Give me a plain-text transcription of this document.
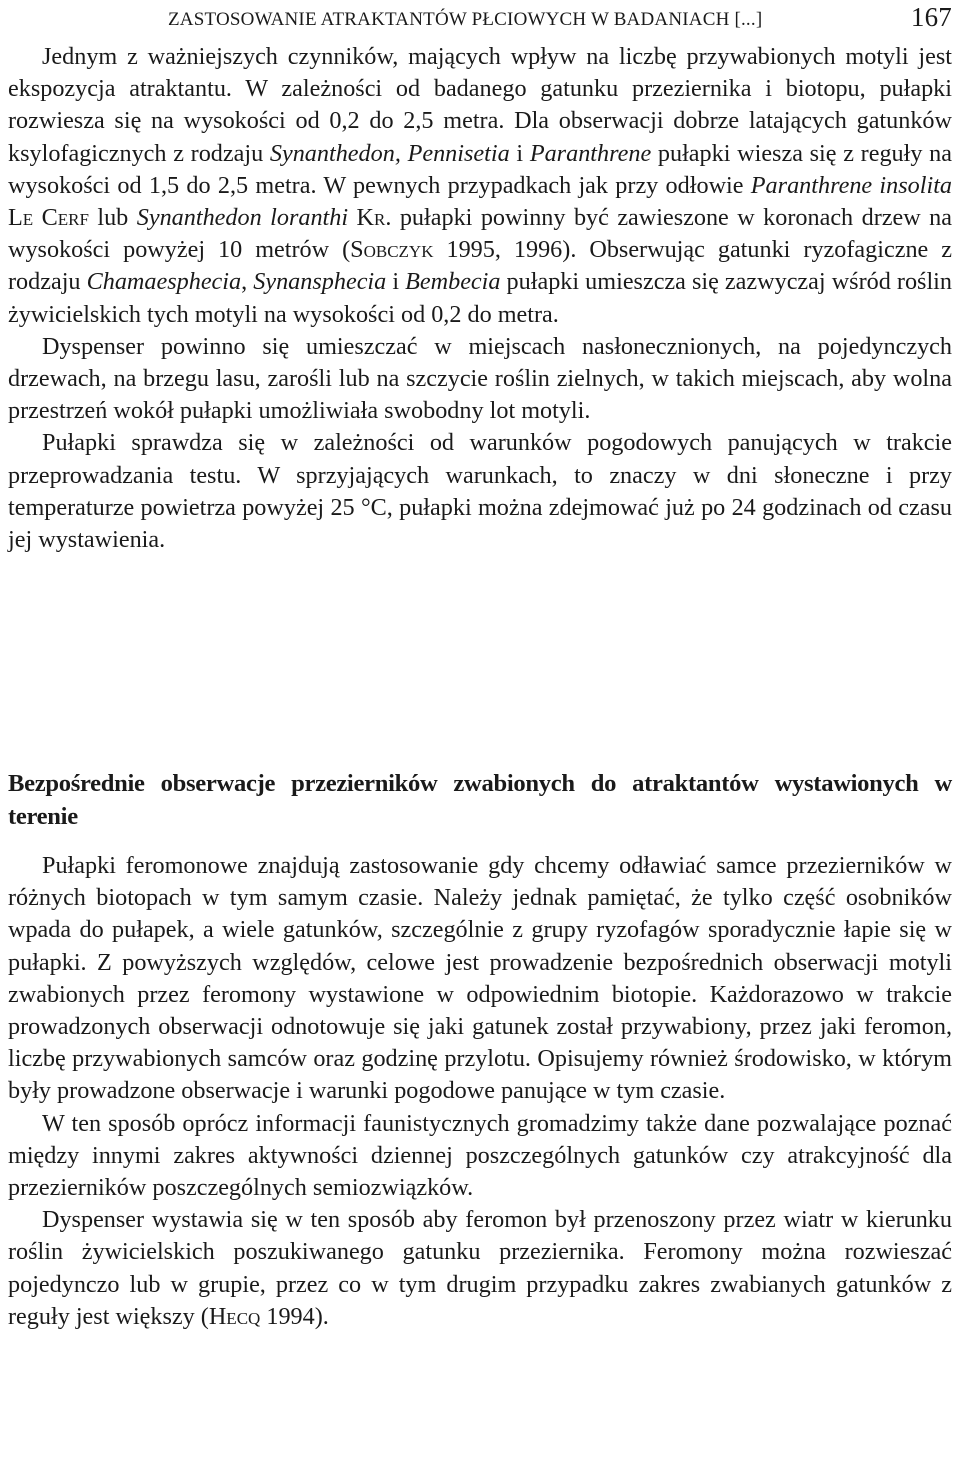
ZASTOSOWANIE ATRAKTANTÓW PŁCIOWYCH W BADANIACH [...]	167

Jednym z ważniejszych czynników, mających wpływ na liczbę przywabionych motyli jest ekspozycja atraktantu. W zależności od badanego gatunku przeziernika i biotopu, pułapki rozwiesza się na wysokości od 0,2 do 2,5 metra. Dla obserwacji dobrze latających gatunków ksylofagicznych z rodzaju Synanthedon, Pennisetia i Paranthrene pułapki wiesza się z reguły na wysokości od 1,5 do 2,5 metra. W pewnych przypadkach jak przy odłowie Paranthrene insolita Le Cerf lub Synanthedon loranthi Kr. pułapki powinny być zawieszone w koronach drzew na wysokości powyżej 10 metrów (Sobczyk 1995, 1996). Obserwując gatunki ryzofagiczne z rodzaju Chamaesphecia, Synansphecia i Bembecia pułapki umieszcza się zazwyczaj wśród roślin żywicielskich tych motyli na wysokości od 0,2 do metra.

Dyspenser powinno się umieszczać w miejscach nasłonecznionych, na pojedynczych drzewach, na brzegu lasu, zarośli lub na szczycie roślin zielnych, w takich miejscach, aby wolna przestrzeń wokół pułapki umożliwiała swobodny lot motyli.

Pułapki sprawdza się w zależności od warunków pogodowych panujących w trakcie przeprowadzania testu. W sprzyjających warunkach, to znaczy w dni słoneczne i przy temperaturze powietrza powyżej 25 °C, pułapki można zdejmować już po 24 godzinach od czasu jej wystawienia.

Bezpośrednie obserwacje przezierników zwabionych do atraktantów wystawionych w terenie

Pułapki feromonowe znajdują zastosowanie gdy chcemy odławiać samce przezierników w różnych biotopach w tym samym czasie. Należy jednak pamiętać, że tylko część osobników wpada do pułapek, a wiele gatunków, szczególnie z grupy ryzofagów sporadycznie łapie się w pułapki. Z powyższych względów, celowe jest prowadzenie bezpośrednich obserwacji motyli zwabionych przez feromony wystawione w odpowiednim biotopie. Każdorazowo w trakcie prowadzonych obserwacji odnotowuje się jaki gatunek został przywabiony, przez jaki feromon, liczbę przywabionych samców oraz godzinę przylotu. Opisujemy również środowisko, w którym były prowadzone obserwacje i warunki pogodowe panujące w tym czasie.

W ten sposób oprócz informacji faunistycznych gromadzimy także dane pozwalające poznać między innymi zakres aktywności dziennej poszczególnych gatunków czy atrakcyjność dla przezierników poszczególnych semiozwiązków.

Dyspenser wystawia się w ten sposób aby feromon był przenoszony przez wiatr w kierunku roślin żywicielskich poszukiwanego gatunku przeziernika. Feromony można rozwieszać pojedynczo lub w grupie, przez co w tym drugim przypadku zakres zwabianych gatunków z reguły jest większy (Hecq 1994).
